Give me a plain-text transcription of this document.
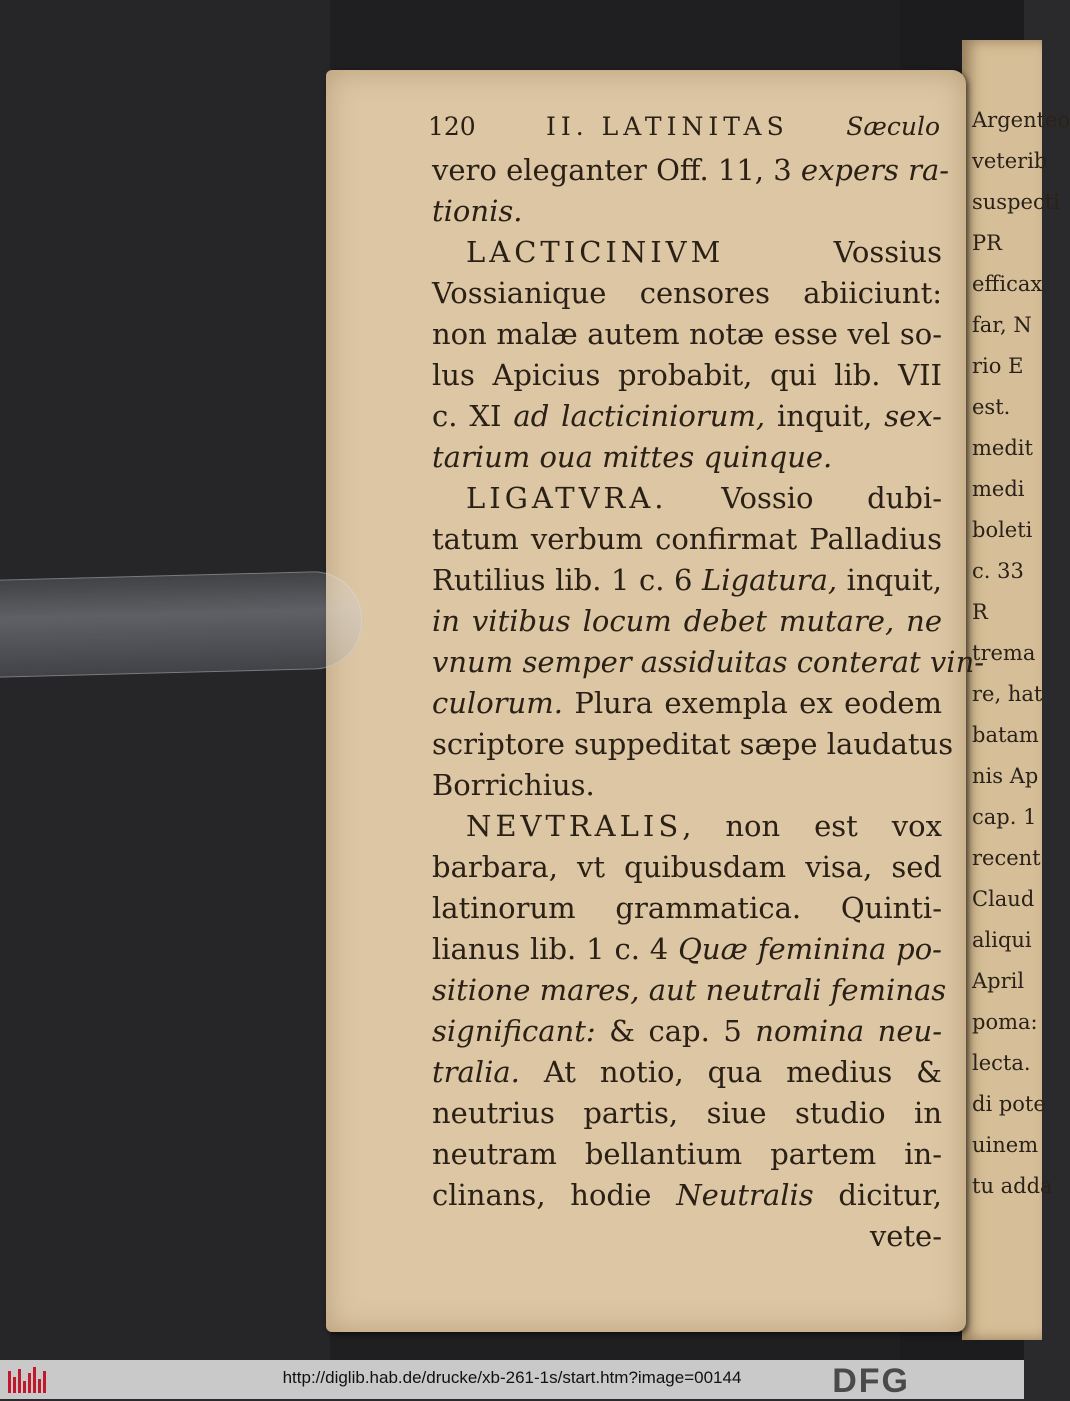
Argenteo
veterib
suspecti
PR
efficax
far, N
rio E
est.
medit
medi
boleti
c. 33
R
trema
re, hat
batam
nis Ap
cap. 1
recent
Claud
aliqui
April
poma:
lecta.
di pote
uinem
tu adda
120	II. LATINITAS Sæculo
vero eleganter Off. 11, 3 expers ra-
tionis.
LACTICINIVM Vossius
Vossianique censores abiiciunt:
non malæ autem notæ esse vel so-
lus Apicius probabit, qui lib. VII
c. XI ad lacticiniorum, inquit, sex-
tarium oua mittes quinque.
LIGATVRA. Vossio dubi-
tatum verbum confirmat Palladius
Rutilius lib. 1 c. 6 Ligatura, inquit,
in vitibus locum debet mutare, ne
vnum semper assiduitas conterat vin-
culorum. Plura exempla ex eodem
scriptore suppeditat sæpe laudatus
Borrichius.
NEVTRALIS, non est vox
barbara, vt quibusdam visa, sed
latinorum grammatica. Quinti-
lianus lib. 1 c. 4 Quæ feminina po-
sitione mares, aut neutrali feminas
significant: & cap. 5 nomina neu-
tralia. At notio, qua medius &
neutrius partis, siue studio in
neutram bellantium partem in-
clinans, hodie Neutralis dicitur,
vete-
http://diglib.hab.de/drucke/xb-261-1s/start.htm?image=00144	DFG
